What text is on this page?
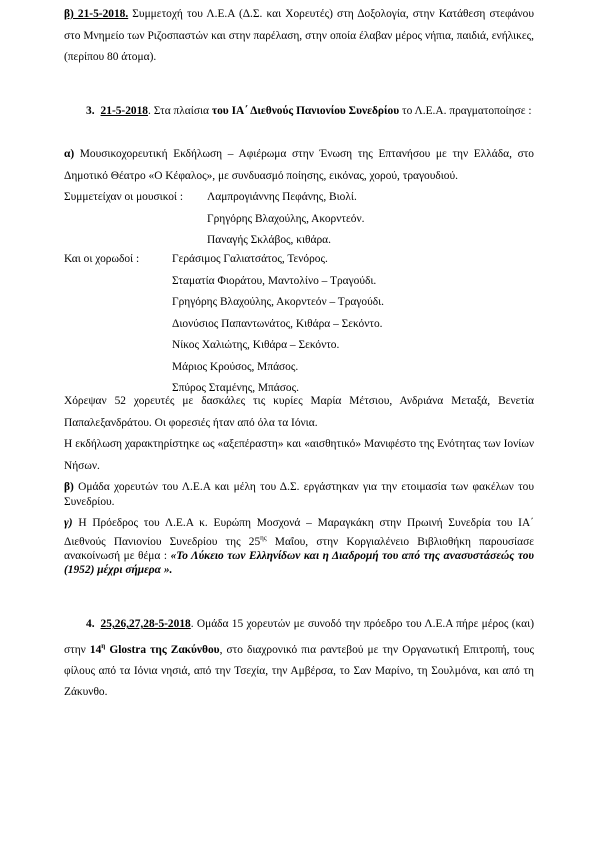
β) 21-5-2018. Συμμετοχή του Λ.Ε.Α (Δ.Σ. και Χορευτές) στη Δοξολογία, στην Κατάθεση στεφάνου στο Μνημείο των Ριζοσπαστών και στην παρέλαση, στην οποία έλαβαν μέρος νήπια, παιδιά, ενήλικες, (περίπου 80 άτομα).
3. 21-5-2018. Στα πλαίσια του ΙΑ΄ Διεθνούς Πανιονίου Συνεδρίου το Λ.Ε.Α. πραγματοποίησε :
α) Μουσικοχορευτική Εκδήλωση – Αφιέρωμα στην Ένωση της Επτανήσου με την Ελλάδα, στο Δημοτικό Θέατρο «Ο Κέφαλος», με συνδυασμό ποίησης, εικόνας, χορού, τραγουδιού.
Συμμετείχαν οι μουσικοί : Λαμπρογιάννης Πεφάνης, Βιολί.
Γρηγόρης Βλαχούλης, Ακορντεόν.
Παναγής Σκλάβος, κιθάρα.
Και οι χορωδοί :	Γεράσιμος Γαλιατσάτος, Τενόρος.
Σταματία Φιοράτου, Μαντολίνο – Τραγούδι.
Γρηγόρης Βλαχούλης, Ακορντεόν – Τραγούδι.
Διονύσιος Παπαντωνάτος, Κιθάρα – Σεκόντο.
Νίκος Χαλιώτης, Κιθάρα – Σεκόντο.
Μάριος Κρούσος, Μπάσος.
Σπύρος Σταμένης, Μπάσος.
Χόρεψαν 52 χορευτές με δασκάλες τις κυρίες Μαρία Μέτσιου, Ανδριάνα Μεταξά, Βενετία Παπαλεξανδράτου. Οι φορεσιές ήταν από όλα τα Ιόνια.
Η εκδήλωση χαρακτηρίστηκε ως «αξεπέραστη» και «αισθητικό» Μανιφέστο της Ενότητας των Ιονίων Νήσων.
β) Ομάδα χορευτών του Λ.Ε.Α και μέλη του Δ.Σ. εργάστηκαν για την ετοιμασία των φακέλων του Συνεδρίου.
γ) Η Πρόεδρος του Λ.Ε.Α κ. Ευρώπη Μοσχονά – Μαραγκάκη στην Πρωινή Συνεδρία του ΙΑ΄ Διεθνούς Πανιονίου Συνεδρίου της $25^{\eta\varsigma}$ Μαΐου, στην Κοργιαλένειο Βιβλιοθήκη παρουσίασε ανακοίνωσή με θέμα : «Το Λύκειο των Ελληνίδων και η Διαδρομή του από της ανασυστάσεώς του (1952) μέχρι σήμερα ».
4. 25,26,27,28-5-2018. Ομάδα 15 χορευτών με συνοδό την πρόεδρο του Λ.Ε.Α πήρε μέρος (και) στην $14^\eta$ Glostra της Ζακύνθου, στο διαχρονικό πια ραντεβού με την Οργανωτική Επιτροπή, τους φίλους από τα Ιόνια νησιά, από την Τσεχία, την Αμβέρσα, το Σαν Μαρίνο, τη Σουλμόνα, και από τη Ζάκυνθο.
